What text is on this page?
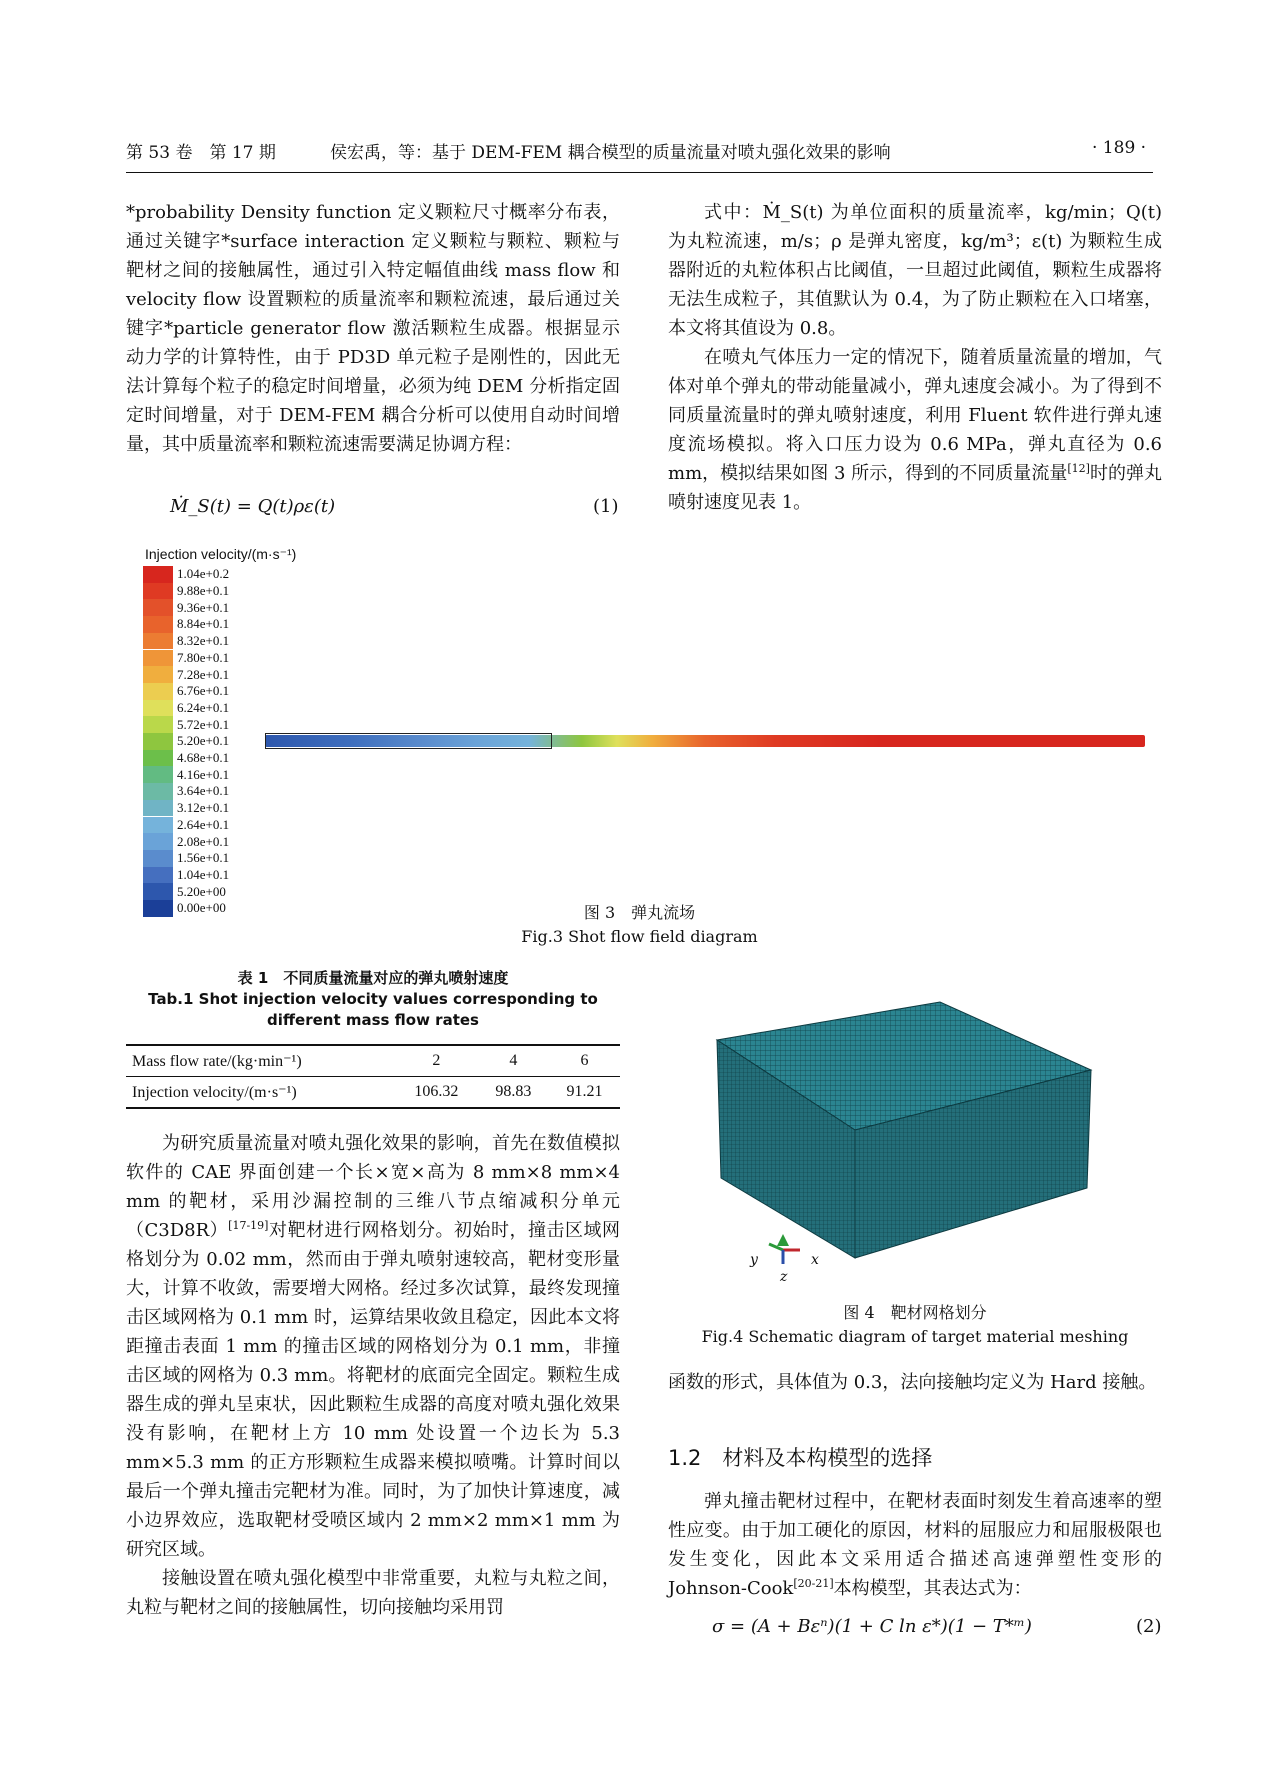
第 53 卷　第 17 期	侯宏禹，等：基于 DEM-FEM 耦合模型的质量流量对喷丸强化效果的影响	· 189 ·

*probability Density function 定义颗粒尺寸概率分布表，通过关键字*surface interaction 定义颗粒与颗粒、颗粒与靶材之间的接触属性，通过引入特定幅值曲线 mass flow 和 velocity flow 设置颗粒的质量流率和颗粒流速，最后通过关键字*particle generator flow 激活颗粒生成器。根据显示动力学的计算特性，由于 PD3D 单元粒子是刚性的，因此无法计算每个粒子的稳定时间增量，必须为纯 DEM 分析指定固定时间增量，对于 DEM-FEM 耦合分析可以使用自动时间增量，其中质量流率和颗粒流速需要满足协调方程：

Ṁ_S(t) = Q(t)ρε(t)	(1)

式中：Ṁ_S(t) 为单位面积的质量流率，kg/min；Q(t) 为丸粒流速，m/s；ρ 是弹丸密度，kg/m³；ε(t) 为颗粒生成器附近的丸粒体积占比阈值，一旦超过此阈值，颗粒生成器将无法生成粒子，其值默认为 0.4，为了防止颗粒在入口堵塞，本文将其值设为 0.8。

在喷丸气体压力一定的情况下，随着质量流量的增加，气体对单个弹丸的带动能量减小，弹丸速度会减小。为了得到不同质量流量时的弹丸喷射速度，利用 Fluent 软件进行弹丸速度流场模拟。将入口压力设为 0.6 MPa，弹丸直径为 0.6 mm，模拟结果如图 3 所示，得到的不同质量流量[12]时的弹丸喷射速度见表 1。

Injection velocity/(m·s⁻¹)
1.04e+0.2
9.88e+0.1
9.36e+0.1
8.84e+0.1
8.32e+0.1
7.80e+0.1
7.28e+0.1
6.76e+0.1
6.24e+0.1
5.72e+0.1
5.20e+0.1
4.68e+0.1
4.16e+0.1
3.64e+0.1
3.12e+0.1
2.64e+0.1
2.08e+0.1
1.56e+0.1
1.04e+0.1
5.20e+00
0.00e+00	图 3　弹丸流场
Fig.3 Shot flow field diagram
表 1　不同质量流量对应的弹丸喷射速度
Tab.1 Shot injection velocity values corresponding to
different mass flow rates
Mass flow rate/(kg·min⁻¹)	2	4	6
Injection velocity/(m·s⁻¹)	106.32	98.83	91.21

为研究质量流量对喷丸强化效果的影响，首先在数值模拟软件的 CAE 界面创建一个长×宽×高为 8 mm×8 mm×4 mm 的靶材，采用沙漏控制的三维八节点缩减积分单元（C3D8R）[17-19]对靶材进行网格划分。初始时，撞击区域网格划分为 0.02 mm，然而由于弹丸喷射速较高，靶材变形量大，计算不收敛，需要增大网格。经过多次试算，最终发现撞击区域网格为 0.1 mm 时，运算结果收敛且稳定，因此本文将距撞击表面 1 mm 的撞击区域的网格划分为 0.1 mm，非撞击区域的网格为 0.3 mm。将靶材的底面完全固定。颗粒生成器生成的弹丸呈束状，因此颗粒生成器的高度对喷丸强化效果没有影响，在靶材上方 10 mm 处设置一个边长为 5.3 mm×5.3 mm 的正方形颗粒生成器来模拟喷嘴。计算时间以最后一个弹丸撞击完靶材为准。同时，为了加快计算速度，减小边界效应，选取靶材受喷区域内 2 mm×2 mm×1 mm 为研究区域。

接触设置在喷丸强化模型中非常重要，丸粒与丸粒之间，丸粒与靶材之间的接触属性，切向接触均采用罚

y	x
z
图 4　靶材网格划分
Fig.4 Schematic diagram of target material meshing

函数的形式，具体值为 0.3，法向接触均定义为 Hard 接触。

1.2　材料及本构模型的选择

弹丸撞击靶材过程中，在靶材表面时刻发生着高速率的塑性应变。由于加工硬化的原因，材料的屈服应力和屈服极限也发生变化，因此本文采用适合描述高速弹塑性变形的 Johnson-Cook[20-21]本构模型，其表达式为：

σ = (A + Bεⁿ)(1 + C ln ε*)(1 − T*ᵐ)	(2)
